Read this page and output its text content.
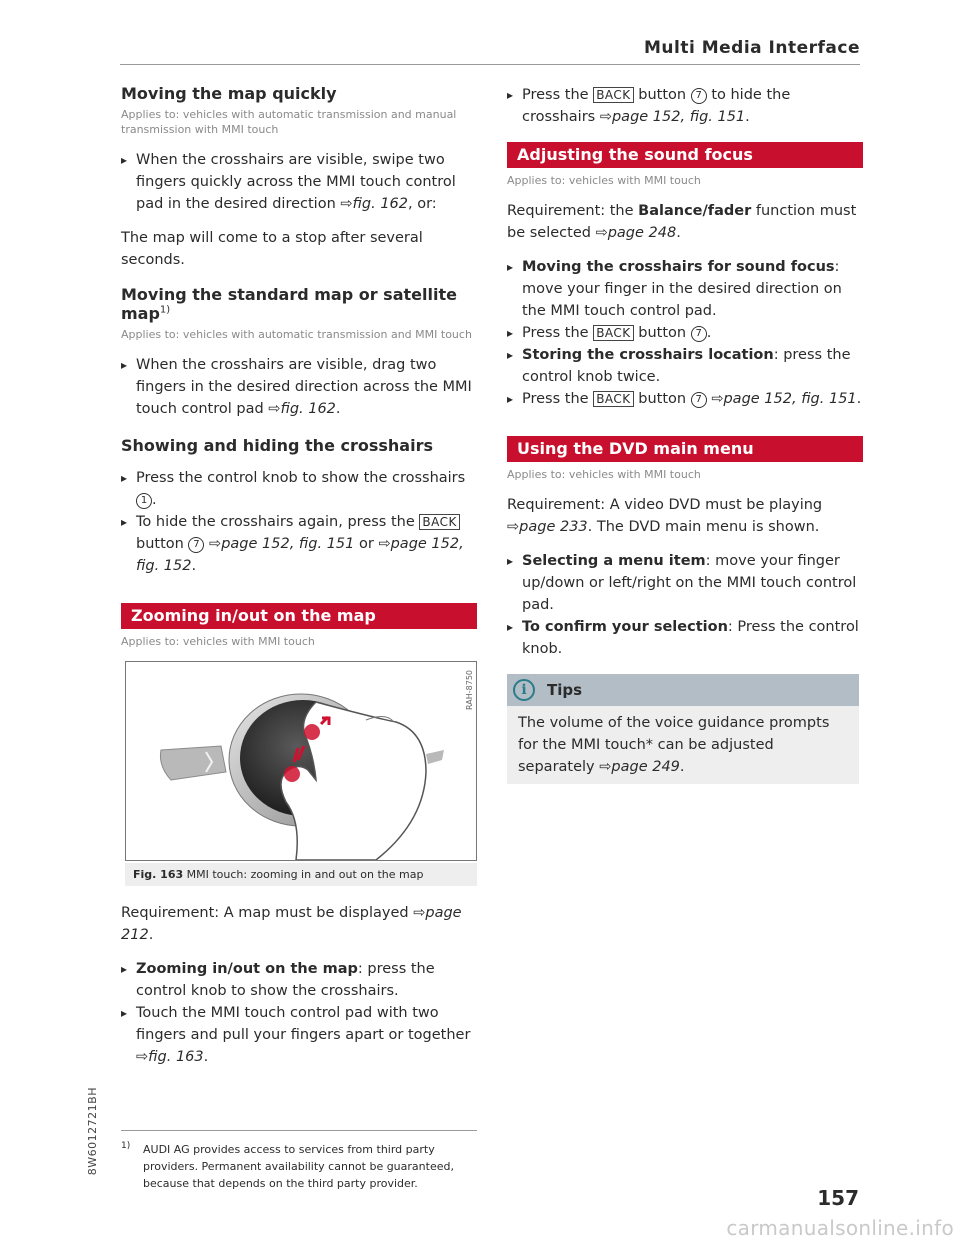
Multi Media Interface
Moving the map quickly
Applies to: vehicles with automatic transmission and manual transmission with MMI touch
▸ When the crosshairs are visible, swipe two fingers quickly across the MMI touch control pad in the desired direction ⇨fig. 162, or:
The map will come to a stop after several seconds.
Moving the standard map or satellite map$^{1)}$
Applies to: vehicles with automatic transmission and MMI touch
▸ When the crosshairs are visible, drag two fingers in the desired direction across the MMI touch control pad ⇨fig. 162.
Showing and hiding the crosshairs
▸ Press the control knob to show the crosshairs 1 .
▸ To hide the crosshairs again, press the BACK button 7 ⇨page 152, fig. 151 or ⇨page 152, fig. 152.
Zooming in/out on the map
Applies to: vehicles with MMI touch
RAH-8750
Fig. 163 MMI touch: zooming in and out on the map
Requirement: A map must be displayed ⇨page 212.
▸ Zooming in/out on the map: press the control knob to show the crosshairs.
▸ Touch the MMI touch control pad with two fingers and pull your fingers apart or together ⇨fig. 163.
▸ Press the BACK button 7 to hide the crosshairs ⇨page 152, fig. 151.
Adjusting the sound focus
Applies to: vehicles with MMI touch
Requirement: the Balance/fader function must be selected ⇨page 248.
▸ Moving the crosshairs for sound focus: move your finger in the desired direction on the MMI touch control pad.
▸ Press the BACK button 7 .
▸ Storing the crosshairs location: press the control knob twice.
▸ Press the BACK button 7 ⇨page 152, fig. 151.
Using the DVD main menu
Applies to: vehicles with MMI touch
Requirement: A video DVD must be playing ⇨page 233. The DVD main menu is shown.
▸ Selecting a menu item: move your finger up/down or left/right on the MMI touch control pad.
▸ To confirm your selection: Press the control knob.
i	Tips
The volume of the voice guidance prompts for the MMI touch* can be adjusted separately ⇨page 249.
1)	AUDI AG provides access to services from third party providers. Permanent availability cannot be guaranteed, because that depends on the third party provider.
8W6012721BH
157
carmanualsonline.info
